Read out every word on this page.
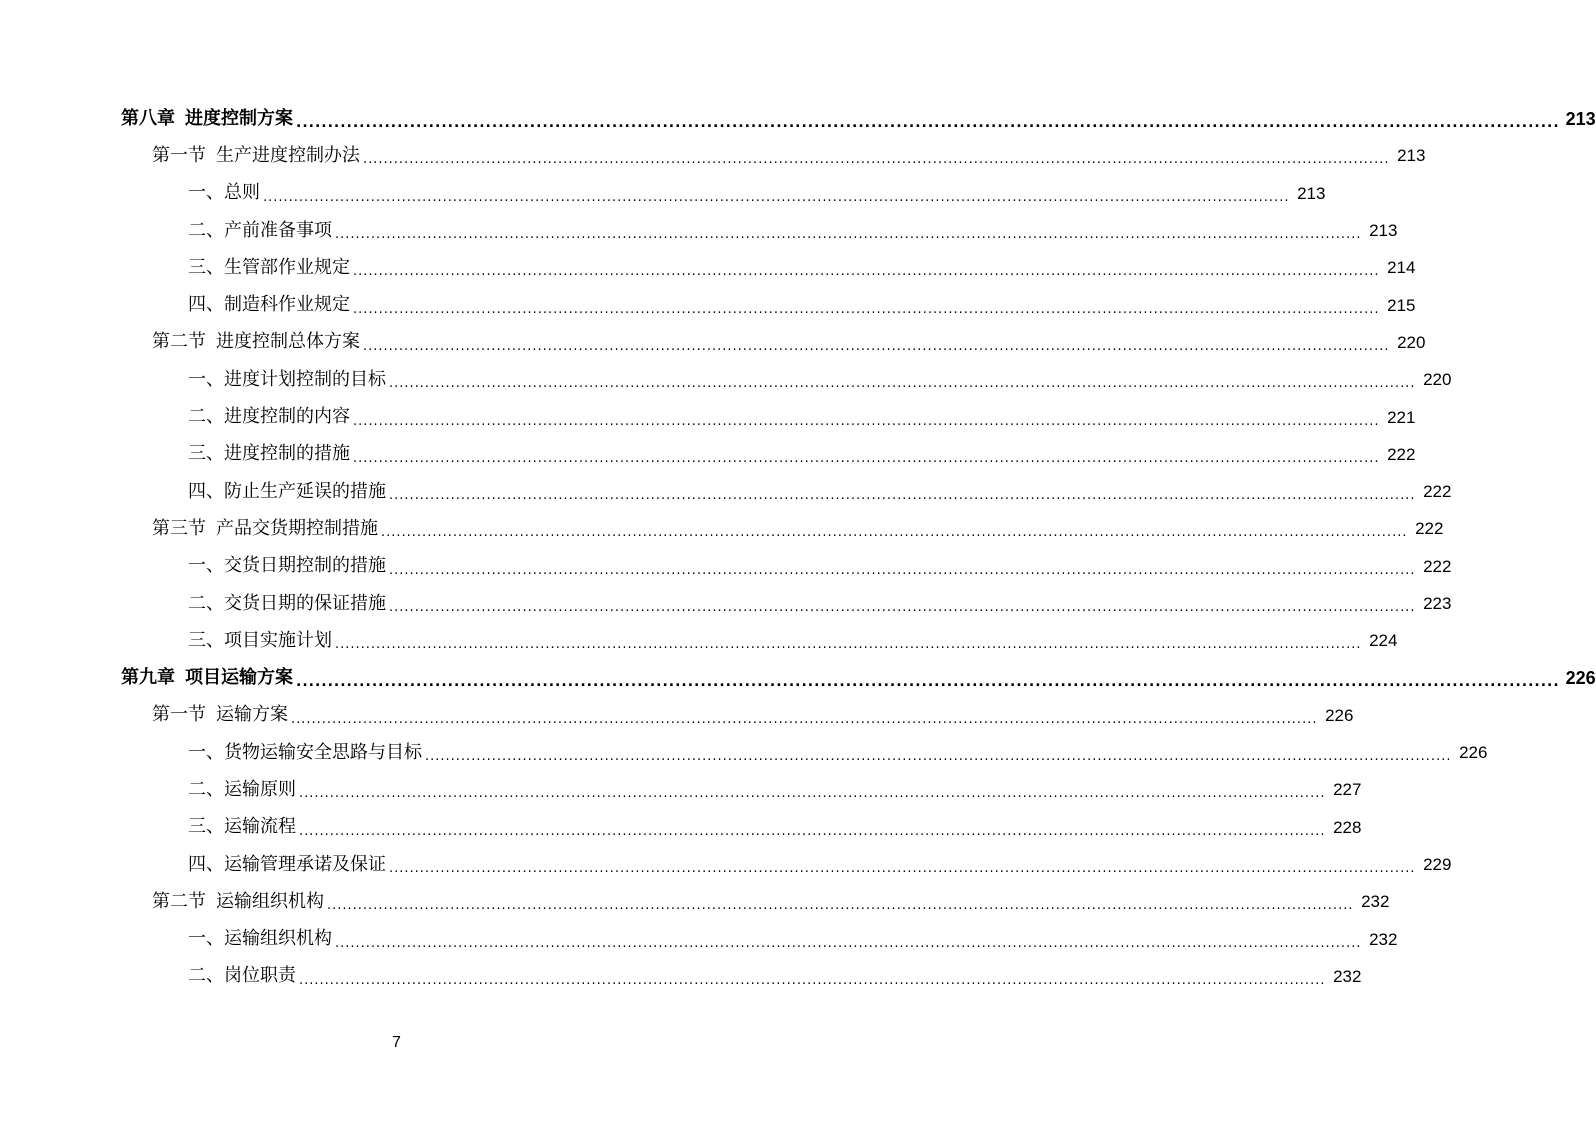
第八章 进度控制方案 ........................................................................................................................................................................................................ 213
第一节 生产进度控制办法 ........................................................................................................................................................................................................ 213
一、总则 ........................................................................................................................................................................................................ 213
二、产前准备事项 ........................................................................................................................................................................................................ 213
三、生管部作业规定 ........................................................................................................................................................................................................ 214
四、制造科作业规定 ........................................................................................................................................................................................................ 215
第二节 进度控制总体方案 ........................................................................................................................................................................................................ 220
一、进度计划控制的目标 ........................................................................................................................................................................................................ 220
二、进度控制的内容 ........................................................................................................................................................................................................ 221
三、进度控制的措施 ........................................................................................................................................................................................................ 222
四、防止生产延误的措施 ........................................................................................................................................................................................................ 222
第三节 产品交货期控制措施 ........................................................................................................................................................................................................ 222
一、交货日期控制的措施 ........................................................................................................................................................................................................ 222
二、交货日期的保证措施 ........................................................................................................................................................................................................ 223
三、项目实施计划 ........................................................................................................................................................................................................ 224
第九章 项目运输方案 ........................................................................................................................................................................................................ 226
第一节 运输方案 ........................................................................................................................................................................................................ 226
一、货物运输安全思路与目标 ........................................................................................................................................................................................................ 226
二、运输原则 ........................................................................................................................................................................................................ 227
三、运输流程 ........................................................................................................................................................................................................ 228
四、运输管理承诺及保证 ........................................................................................................................................................................................................ 229
第二节 运输组织机构 ........................................................................................................................................................................................................ 232
一、运输组织机构 ........................................................................................................................................................................................................ 232
二、岗位职责 ........................................................................................................................................................................................................ 232
7
